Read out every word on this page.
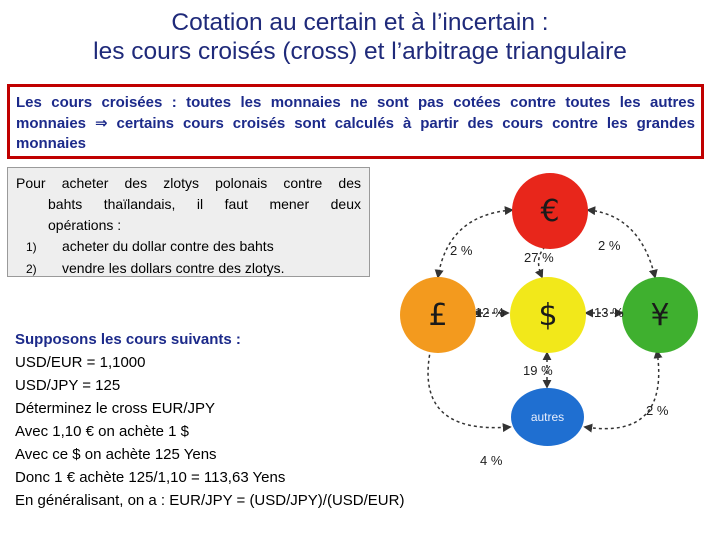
Cotation au certain et à l’incertain :
les cours croisés (cross) et l’arbitrage triangulaire

Les cours croisées : toutes les monnaies ne sont pas cotées contre toutes les autres monnaies ⇒ certains cours croisés sont calculés à partir des cours contre les grandes monnaies

Pour acheter des zlotys polonais contre des
bahts thaïlandais, il faut mener deux
opérations :
1) acheter du dollar contre des bahts
2) vendre les dollars contre des zlotys.
Supposons les cours suivants :
USD/EUR = 1,1000
USD/JPY = 125
Déterminez le cross EUR/JPY
Avec 1,10 € on achète 1 $
Avec ce $ on achète 125 Yens
Donc 1 € achète 125/1,10 = 113,63 Yens
En généralisant, on a : EUR/JPY = (USD/JPY)/(USD/EUR)
€
£	$	¥
autres
2 %	27 %
2 %
12 %	13 %
19 %
2 %
4 %
